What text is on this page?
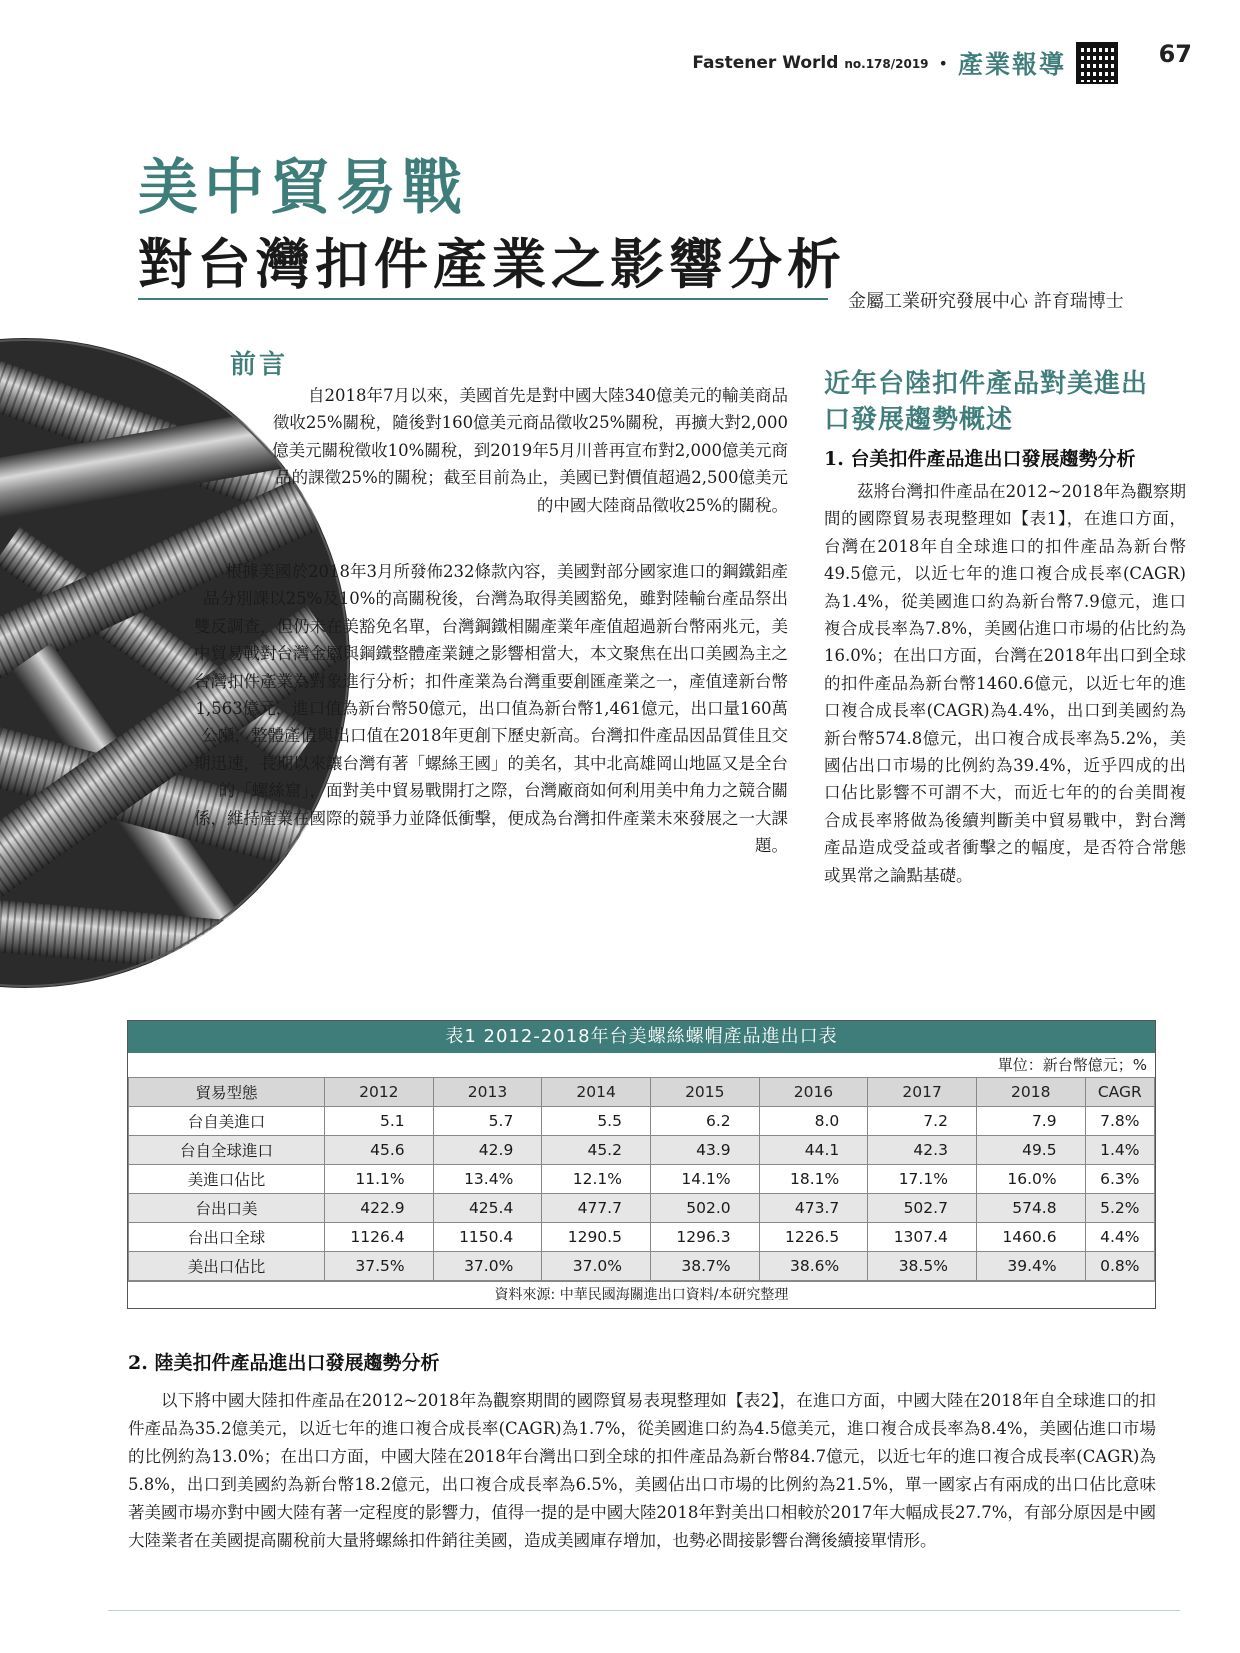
Fastener World no.178/2019 • 產業報導	67
美中貿易戰
對台灣扣件產業之影響分析
金屬工業研究發展中心 許育瑞博士
前言

自2018年7月以來，美國首先是對中國大陸340億美元的輸美商品徵收25%關稅，隨後對160億美元商品徵收25%關稅，再擴大對2,000億美元關稅徵收10%關稅，到2019年5月川普再宣布對2,000億美元商品的課徵25%的關稅；截至目前為止，美國已對價值超過2,500億美元的中國大陸商品徵收25%的關稅。

根據美國於2018年3月所發佈232條款內容，美國對部分國家進口的鋼鐵鋁產品分別課以25%及10%的高關稅後，台灣為取得美國豁免，雖對陸輸台產品祭出雙反調查，但仍未在美豁免名單，台灣鋼鐵相關產業年產值超過新台幣兩兆元，美中貿易戰對台灣金屬與鋼鐵整體產業鏈之影響相當大，本文聚焦在出口美國為主之台灣扣件產業為對象進行分析；扣件產業為台灣重要創匯產業之一，產值達新台幣1,563億元，進口值為新台幣50億元，出口值為新台幣1,461億元，出口量160萬公噸，整體產值與出口值在2018年更創下歷史新高。台灣扣件產品因品質佳且交期迅速，長期以來讓台灣有著「螺絲王國」的美名，其中北高雄岡山地區又是全台的「螺絲窟」，面對美中貿易戰開打之際，台灣廠商如何利用美中角力之競合關係，維持產業在國際的競爭力並降低衝擊，便成為台灣扣件產業未來發展之一大課題。

近年台陸扣件產品對美進出口發展趨勢概述
1. 台美扣件產品進出口發展趨勢分析

茲將台灣扣件產品在2012~2018年為觀察期間的國際貿易表現整理如【表1】，在進口方面，台灣在2018年自全球進口的扣件產品為新台幣49.5億元，以近七年的進口複合成長率(CAGR)為1.4%，從美國進口約為新台幣7.9億元，進口複合成長率為7.8%，美國佔進口市場的佔比約為16.0%；在出口方面，台灣在2018年出口到全球的扣件產品為新台幣1460.6億元，以近七年的進口複合成長率(CAGR)為4.4%，出口到美國約為新台幣574.8億元，出口複合成長率為5.2%，美國佔出口市場的比例約為39.4%，近乎四成的出口佔比影響不可謂不大，而近七年的的台美間複合成長率將做為後續判斷美中貿易戰中，對台灣產品造成受益或者衝擊之的幅度，是否符合常態或異常之論點基礎。

表1 2012-2018年台美螺絲螺帽產品進出口表
單位：新台幣億元；%
貿易型態	2012	2013	2014	2015	2016	2017	2018	CAGR
台自美進口	5.1	5.7	5.5	6.2	8.0	7.2	7.9	7.8%
台自全球進口	45.6	42.9	45.2	43.9	44.1	42.3	49.5	1.4%
美進口佔比	11.1%	13.4%	12.1%	14.1%	18.1%	17.1%	16.0%	6.3%
台出口美	422.9	425.4	477.7	502.0	473.7	502.7	574.8	5.2%
台出口全球	1126.4	1150.4	1290.5	1296.3	1226.5	1307.4	1460.6	4.4%
美出口佔比	37.5%	37.0%	37.0%	38.7%	38.6%	38.5%	39.4%	0.8%
資料來源: 中華民國海關進出口資料/本研究整理
2. 陸美扣件產品進出口發展趨勢分析

以下將中國大陸扣件產品在2012~2018年為觀察期間的國際貿易表現整理如【表2】，在進口方面，中國大陸在2018年自全球進口的扣件產品為35.2億美元，以近七年的進口複合成長率(CAGR)為1.7%，從美國進口約為4.5億美元，進口複合成長率為8.4%，美國佔進口市場的比例約為13.0%；在出口方面，中國大陸在2018年台灣出口到全球的扣件產品為新台幣84.7億元，以近七年的進口複合成長率(CAGR)為5.8%，出口到美國約為新台幣18.2億元，出口複合成長率為6.5%，美國佔出口市場的比例約為21.5%，單一國家占有兩成的出口佔比意味著美國市場亦對中國大陸有著一定程度的影響力，值得一提的是中國大陸2018年對美出口相較於2017年大幅成長27.7%，有部分原因是中國大陸業者在美國提高關稅前大量將螺絲扣件銷往美國，造成美國庫存增加，也勢必間接影響台灣後續接單情形。
